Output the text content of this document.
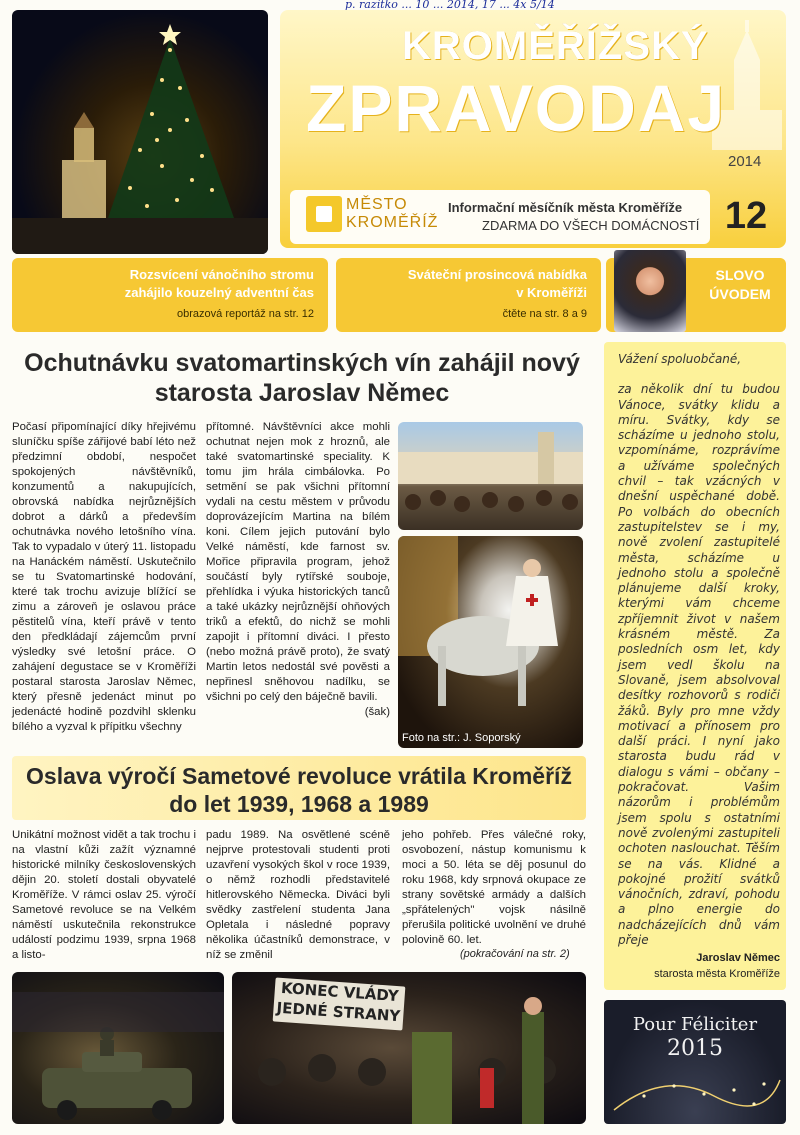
p. razítko ... 10 ... 2014, 17 ... 4x 5/14
KROMĚŘÍŽSKÝ
ZPRAVODAJ
2014
MĚSTO
KROMĚŘÍŽ
Informační měsíčník města Kroměříže
ZDARMA DO VŠECH DOMÁCNOSTÍ 12
Rozsvícení vánočního stromu
zahájilo kouzelný adventní čas
obrazová reportáž na str. 12
Sváteční prosincová nabídka
v Kroměříži
čtěte na str. 8 a 9
SLOVO
ÚVODEM
Ochutnávku svatomartinských vín zahájil nový
starosta Jaroslav Němec
Počasí připomínající díky hřejivému sluníčku spíše zářijové babí léto než předzimní období, nespočet spokojených návštěvníků, konzumentů a nakupujících, obrovská nabídka nejrůznějších dobrot a dárků a především ochutnávka nového letošního vína. Tak to vypadalo v úterý 11. listopadu na Hanáckém náměstí. Uskutečnilo se tu Svatomartinské hodování, které tak trochu avizuje blížící se zimu a zároveň je oslavou práce pěstitelů vína, kteří právě v tento den předkládají zájemcům první výsledky své letošní práce. O zahájení degustace se v Kroměříži postaral starosta Jaroslav Němec, který přesně jedenáct minut po jedenácté hodině pozdvihl sklenku bílého a vyzval k přípitku všechny
přítomné. Návštěvníci akce mohli ochutnat nejen mok z hroznů, ale také svatomartinské speciality. K tomu jim hrála cimbálovka. Po setmění se pak všichni přítomní vydali na cestu městem v průvodu doprovázejícím Martina na bílém koni. Cílem jejich putování bylo Velké náměstí, kde farnost sv. Mořice připravila program, jehož součástí byly rytířské souboje, přehlídka i výuka historických tanců a také ukázky nejrůznější ohňových triků a efektů, do nichž se mohli zapojit i přítomní diváci. I přesto (nebo možná právě proto), že svatý Martin letos nedostál své pověsti a nepřinesl sněhovou nadílku, se všichni po celý den báječně bavili.
(šak)
Foto na str.: J. Soporský
Oslava výročí Sametové revoluce vrátila Kroměříž
do let 1939, 1968 a 1989
Unikátní možnost vidět a tak trochu i na vlastní kůži zažít významné historické milníky československých dějin 20. století dostali obyvatelé Kroměříže. V rámci oslav 25. výročí Sametové revoluce se na Velkém náměstí uskutečnila rekonstrukce událostí podzimu 1939, srpna 1968 a listo-
padu 1989. Na osvětlené scéně nejprve protestovali studenti proti uzavření vysokých škol v roce 1939, o němž rozhodli představitelé hitlerovského Německa. Diváci byli svědky zastřelení studenta Jana Opletala i následné popravy několika účastníků demonstrace, v níž se změnil
jeho pohřeb. Přes válečné roky, osvobození, nástup komunismu k moci a 50. léta se děj posunul do roku 1968, kdy srpnová okupace ze strany sovětské armády a dalších „spřátelených" vojsk násilně přerušila politické uvolnění ve druhé polovině 60. let.
(pokračování na str. 2)
KONEC VLÁDY
JEDNÉ STRANY

Vážení spoluobčané,

za několik dní tu budou Vánoce, svátky klidu a míru. Svátky, kdy se scházíme u jednoho stolu, vzpomínáme, rozprávíme a užíváme společných chvil – tak vzácných v dnešní uspěchané době. Po volbách do obecních zastupitelstev se i my, nově zvolení zastupitelé města, scházíme u jednoho stolu a společně plánujeme další kroky, kterými vám chceme zpříjemnit život v našem krásném městě. Za posledních osm let, kdy jsem vedl školu na Slovaně, jsem absolvoval desítky rozhovorů s rodiči žáků. Byly pro mne vždy motivací a přínosem pro další práci. I nyní jako starosta budu rád v dialogu s vámi – občany – pokračovat. Vašim názorům i problémům jsem spolu s ostatními nově zvolenými zastupiteli ochoten naslouchat. Těším se na vás. Klidné a pokojné prožití svátků vánočních, zdraví, pohodu a plno energie do nadcházejících dnů vám přeje
Jaroslav Němec
starosta města Kroměříže
Pour Féliciter
2015
